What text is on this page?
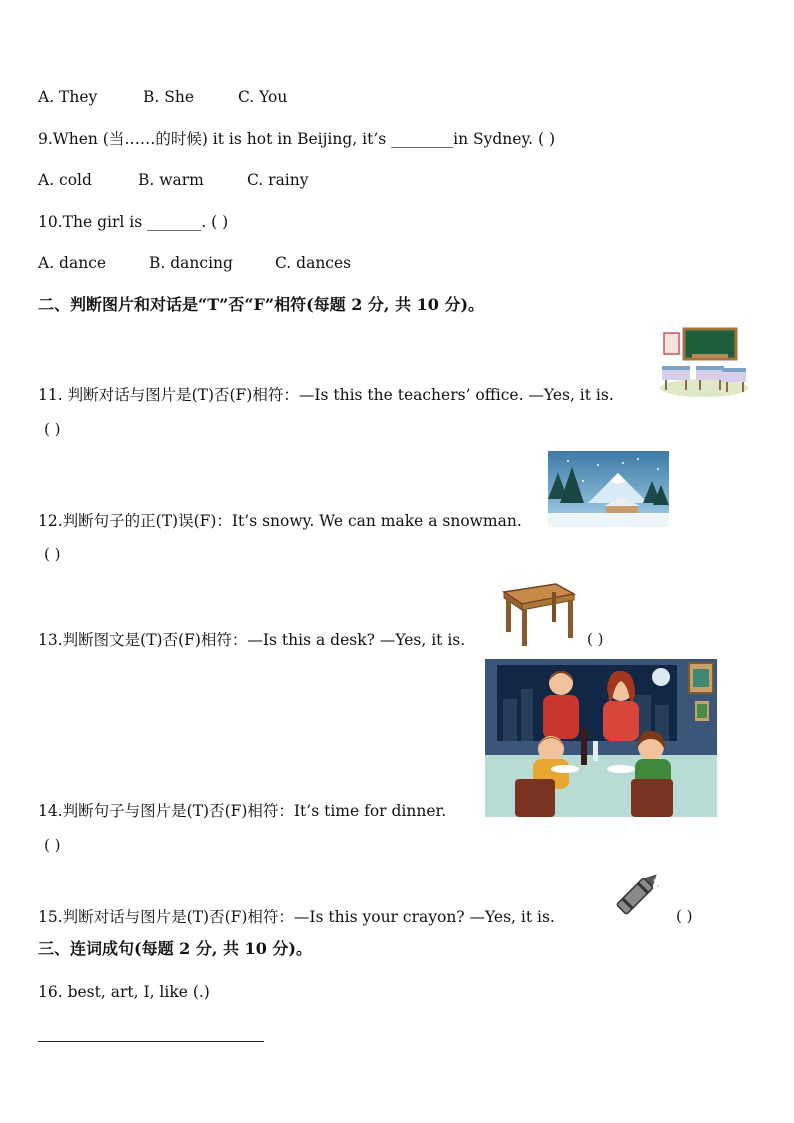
A. They	B. She	C. You
9.When (当……的时候) it is hot in Beijing, it’s ________in Sydney. ( )
A. cold	B. warm	C. rainy
10.The girl is _______. ( )
A. dance	B. dancing	C. dances
二、判断图片和对话是“T”否“F”相符(每题 2 分, 共 10 分)。
11. 判断对话与图片是(T)否(F)相符：—Is this the teachers’ office. —Yes, it is.
( )
12.判断句子的正(T)误(F)：It’s snowy. We can make a snowman.
( )
13.判断图文是(T)否(F)相符：—Is this a desk? —Yes, it is.	( )
14.判断句子与图片是(T)否(F)相符：It’s time for dinner.
( )
15.判断对话与图片是(T)否(F)相符：—Is this your crayon? —Yes, it is.	( )
三、连词成句(每题 2 分, 共 10 分)。
16. best, art, I, like (.)
